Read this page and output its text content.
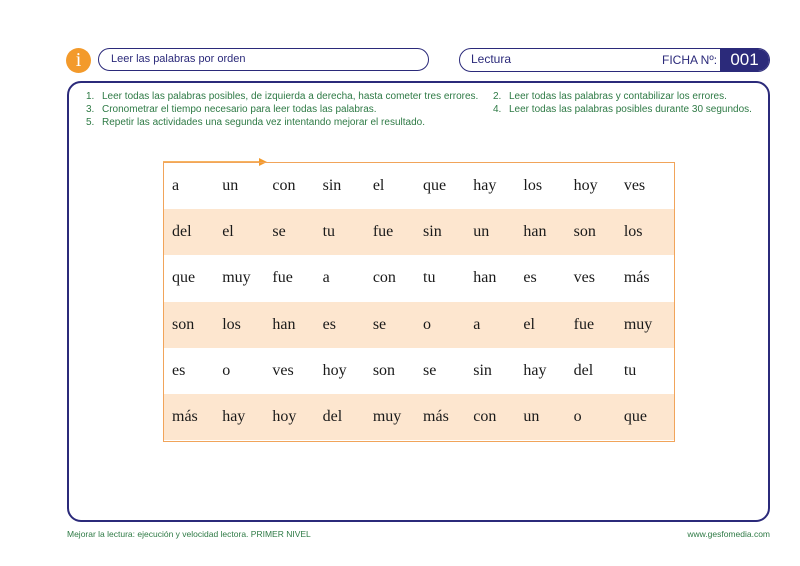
i	Leer las palabras por orden	Lectura	FICHA Nº: 001
1. Leer todas las palabras posibles, de izquierda a derecha, hasta cometer tres errores. 2. Leer todas las palabras y contabilizar los errores.
3. Cronometrar el tiempo necesario para leer todas las palabras.	4. Leer todas las palabras posibles durante 30 segundos.
5. Repetir las actividades una segunda vez intentando mejorar el resultado.
a	un	con	sin	el	que	hay	los	hoy	ves
del	el	se	tu	fue	sin	un	han	son	los
que	muy	fue	a	con	tu	han	es	ves	más
son	los	han	es	se	o	a	el	fue	muy
es	o	ves	hoy	son	se	sin	hay	del	tu
más	hay	hoy	del	muy	más	con	un	o	que
Mejorar la lectura: ejecución y velocidad lectora. PRIMER NIVEL	www.gesfomedia.com
